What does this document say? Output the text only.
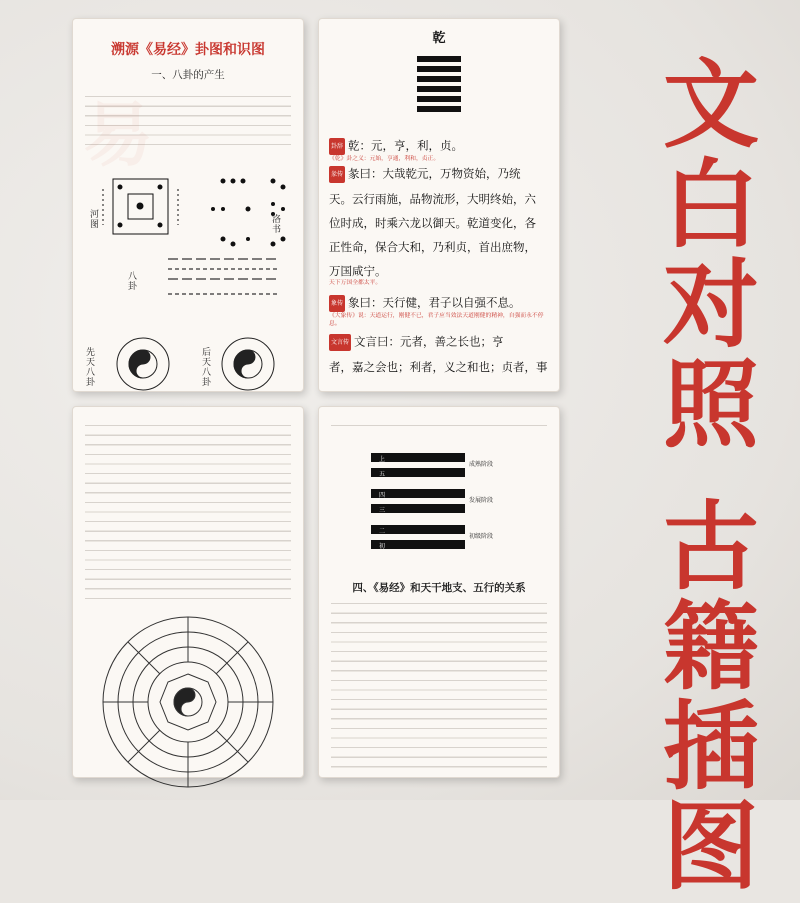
易
溯源《易经》卦图和识图
一、八卦的产生
河图	洛书
八卦
先天八卦	后天八卦
乾
卦辞 乾：元，亨，利，贞。
《乾》卦之义：元始，亨通，利和，贞正。
彖传 彖曰：大哉乾元，万物资始，乃统
天。云行雨施，品物流形，大明终始，六
位时成，时乘六龙以御天。乾道变化，各
正性命，保合大和，乃利贞，首出庶物，
万国咸宁。
天下万国全都太平。
象传 象曰：天行健，君子以自强不息。
《大象传》说：天道运行，刚健不已，君子应当效法天道刚健的精神，自强而永不停息。
文言传 文言曰：元者，善之长也；亨
者，嘉之会也；利者，义之和也；贞者，事
上
五
四
三
二
初
成熟阶段
发展阶段
初级阶段
四、《易经》和天干地支、五行的关系
文
白
对
照
古
籍
插
图
